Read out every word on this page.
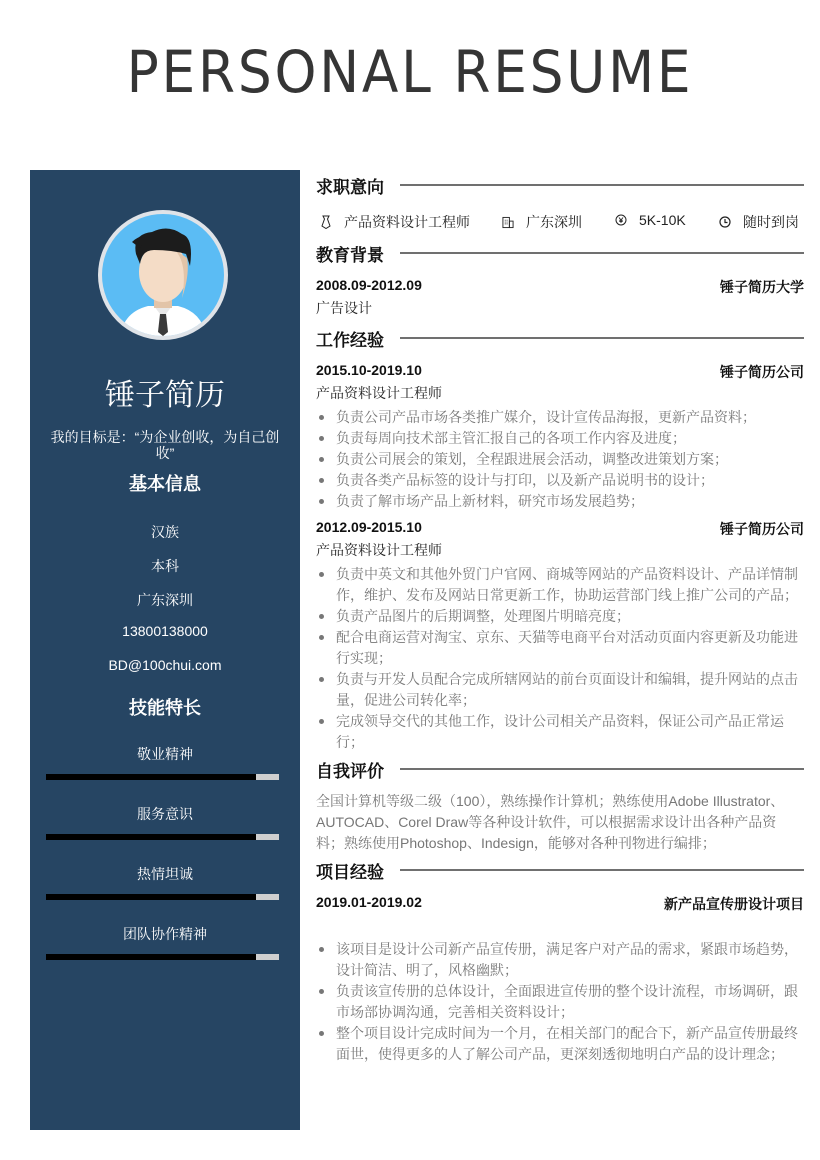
PERSONAL RESUME
锤子简历
我的目标是：“为企业创收，为自己创收”
基本信息
汉族
本科
广东深圳
13800138000
BD@100chui.com
技能特长
敬业精神
服务意识
热情坦诚
团队协作精神
求职意向
产品资料设计工程师	广东深圳	5K-10K	随时到岗
教育背景
2008.09-2012.09	锤子简历大学
广告设计
工作经验
2015.10-2019.10	锤子简历公司
产品资料设计工程师
负责公司产品市场各类推广媒介，设计宣传品海报，更新产品资料；
负责每周向技术部主管汇报自己的各项工作内容及进度；
负责公司展会的策划，全程跟进展会活动，调整改进策划方案；
负责各类产品标签的设计与打印，以及新产品说明书的设计；
负责了解市场产品上新材料，研究市场发展趋势；
2012.09-2015.10	锤子简历公司
产品资料设计工程师
负责中英文和其他外贸门户官网、商城等网站的产品资料设计、产品详情制作，维护、发布及网站日常更新工作，协助运营部门线上推广公司的产品；
负责产品图片的后期调整，处理图片明暗亮度；
配合电商运营对淘宝、京东、天猫等电商平台对活动页面内容更新及功能进行实现；
负责与开发人员配合完成所辖网站的前台页面设计和编辑，提升网站的点击量，促进公司转化率；
完成领导交代的其他工作，设计公司相关产品资料，保证公司产品正常运行；
自我评价
全国计算机等级二级（100），熟练操作计算机；熟练使用Adobe Illustrator、AUTOCAD、Corel Draw等各种设计软件，可以根据需求设计出各种产品资料；熟练使用Photoshop、Indesign，能够对各种刊物进行编排；
项目经验
2019.01-2019.02	新产品宣传册设计项目
该项目是设计公司新产品宣传册，满足客户对产品的需求，紧跟市场趋势，设计简洁、明了，风格幽默；
负责该宣传册的总体设计，全面跟进宣传册的整个设计流程，市场调研，跟市场部协调沟通，完善相关资料设计；
整个项目设计完成时间为一个月，在相关部门的配合下，新产品宣传册最终面世，使得更多的人了解公司产品，更深刻透彻地明白产品的设计理念；
